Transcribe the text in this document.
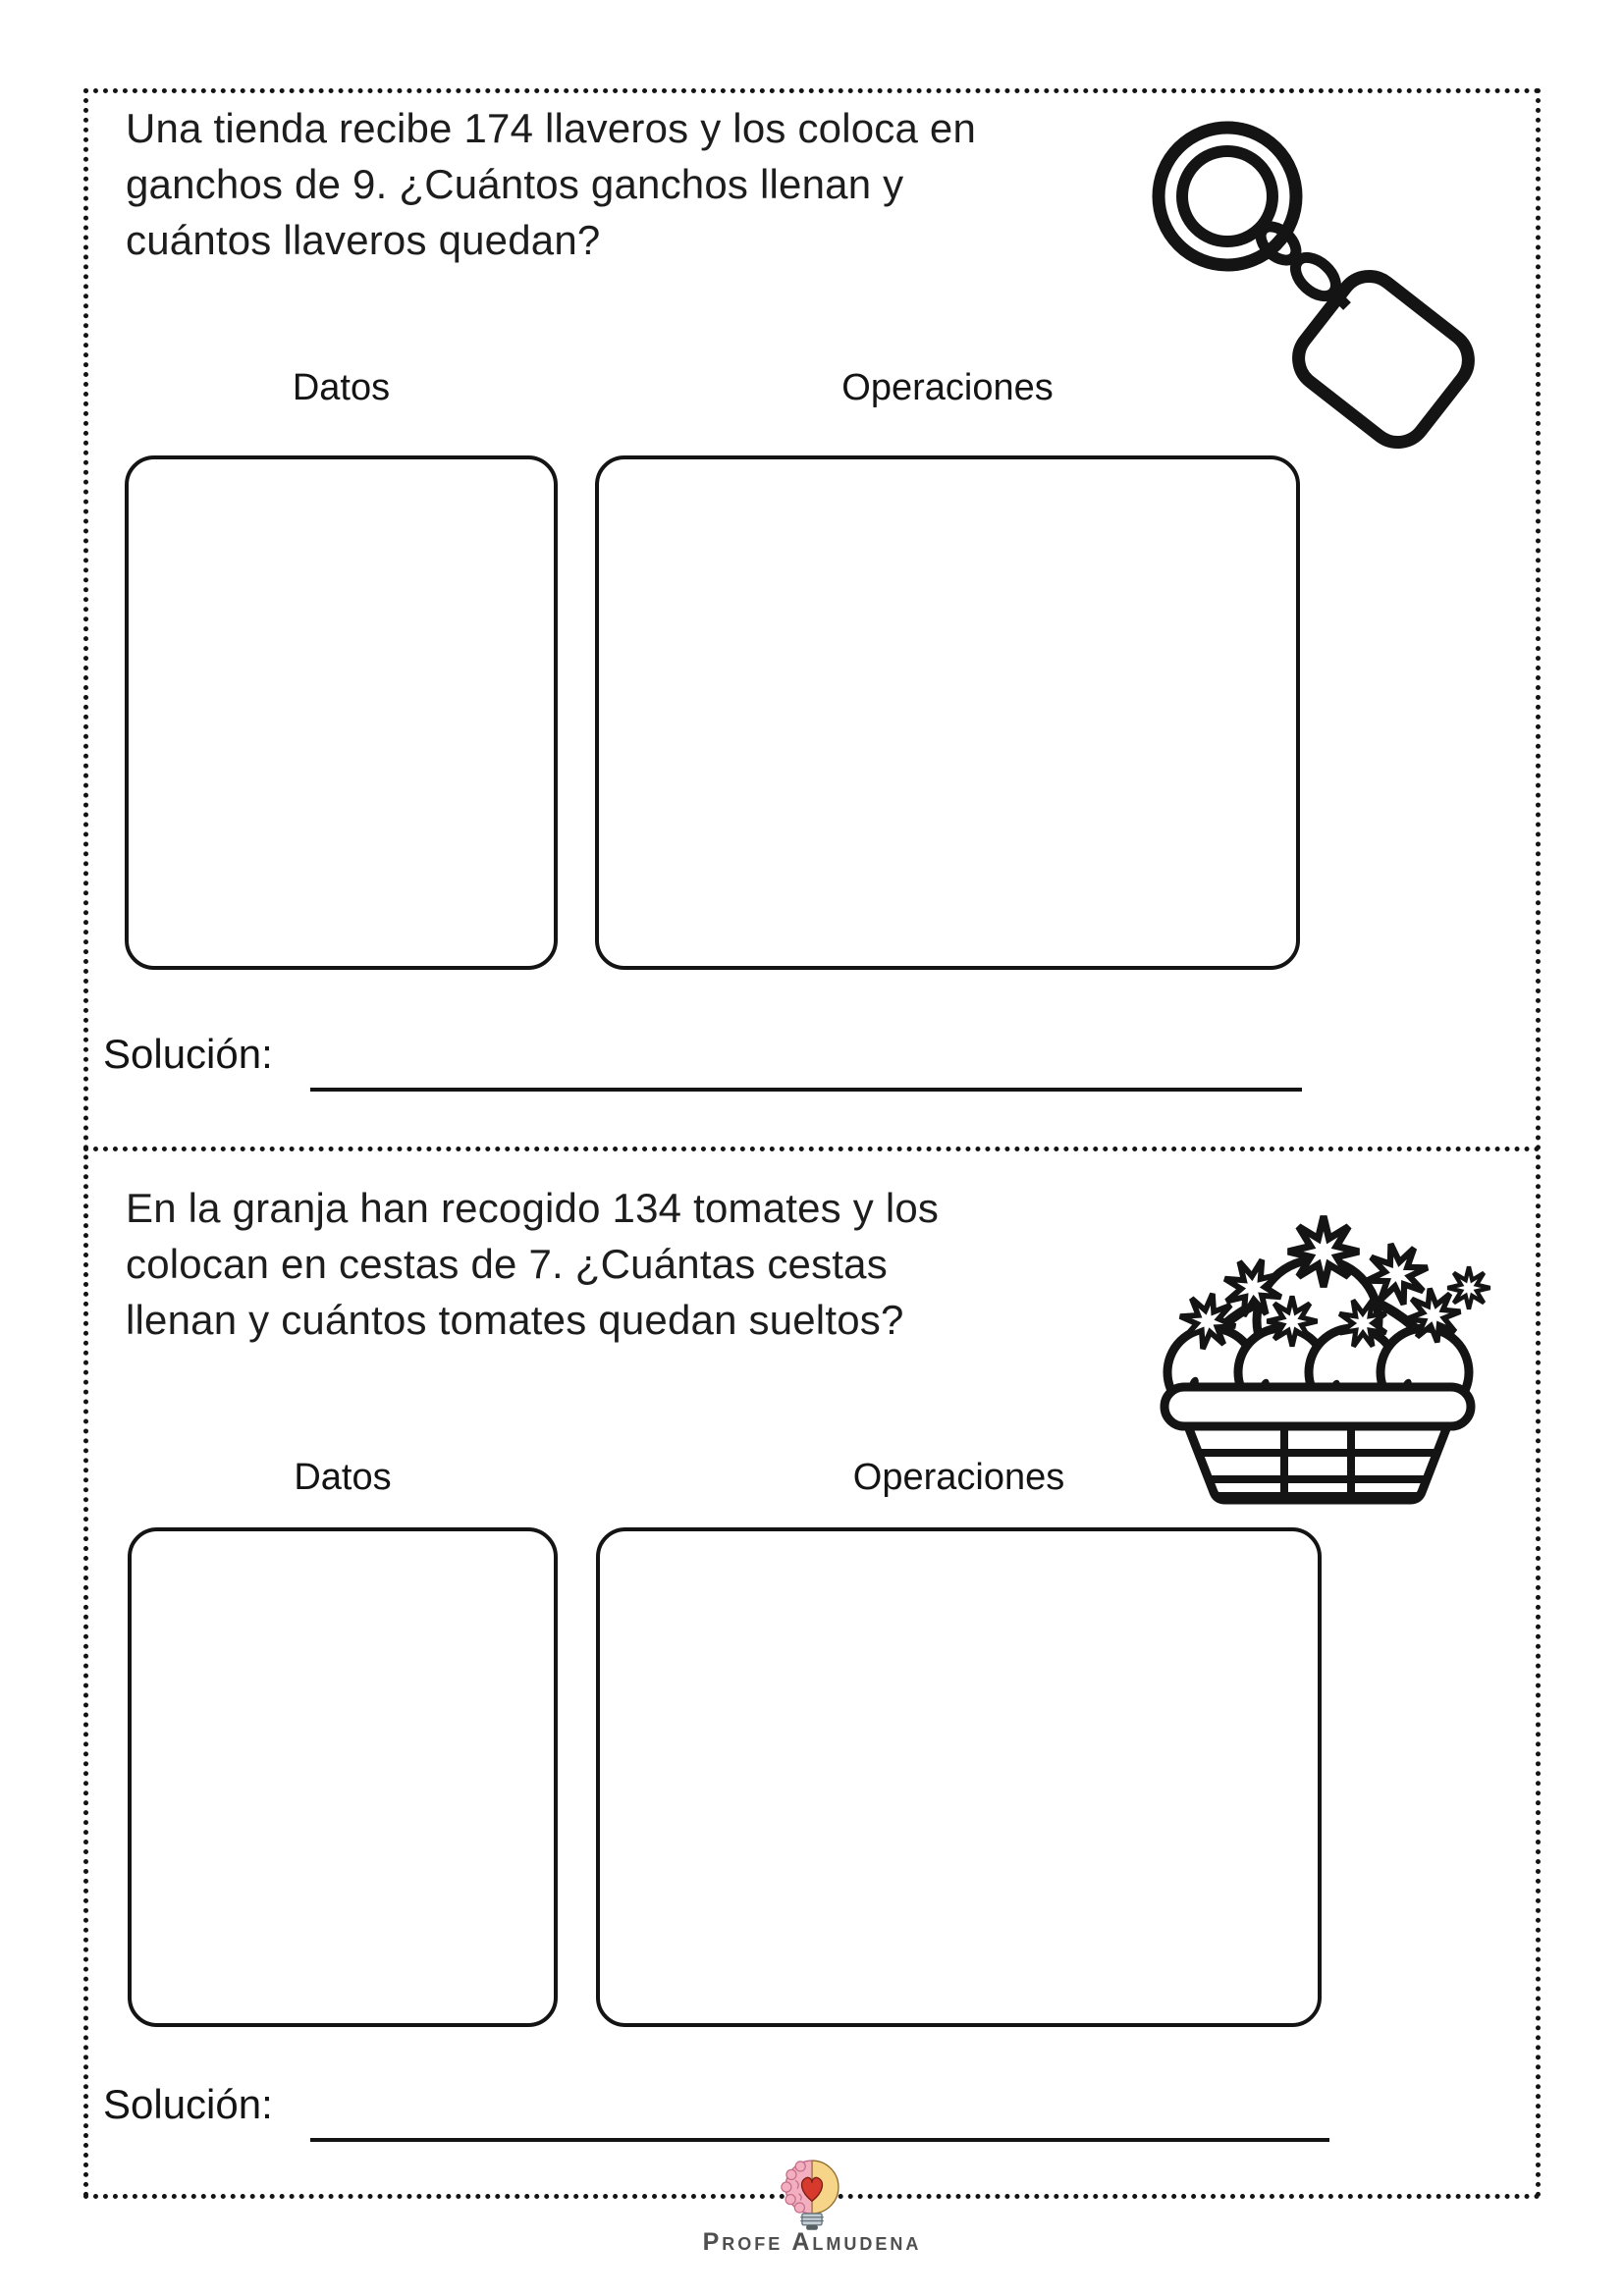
Una tienda recibe 174 llaveros y los coloca en
ganchos de 9. ¿Cuántos ganchos llenan y
cuántos llaveros quedan?
Datos	Operaciones
Solución:
En la granja han recogido 134 tomates y los
colocan en cestas de 7. ¿Cuántas cestas
llenan y cuántos tomates quedan sueltos?
Datos	Operaciones
Solución:
Profe Almudena
